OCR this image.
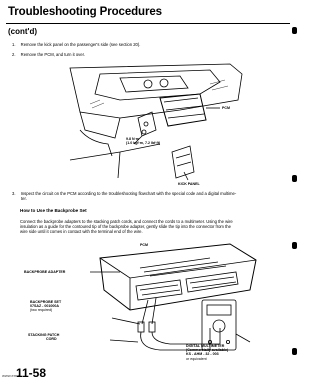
Troubleshooting Procedures
(cont'd)
1. Remove the kick panel on the passenger's side (see section 20).
2. Remove the PCM, and turn it over.
PCM
9.8 N·m
(1.0 kgf·m, 7.2 lbf·ft)
KICK PANEL
3. Inspect the circuit on the PCM according to the troubleshooting flowchart with the special code and a digital multime-
ter.
How to Use the Backprobe Set
Connect the backprobe adapters to the stacking patch cords, and connect the cords to a multimeter. Using the wire
insulation as a guide for the contoured tip of the backprobe adapter, gently slide the tip into the connector from the
wire side until it comes in contact with the terminal end of the wire.
PCM
BACKPROBE ADAPTER
BACKPROBE SET
07SAZ - 001000A
(two required)
STACKING PATCH
CORD
DIGITAL MULTIMETER
(Commercially available)
KS - AHM - 32 - 003
or equivalent
www.emai
11-58
